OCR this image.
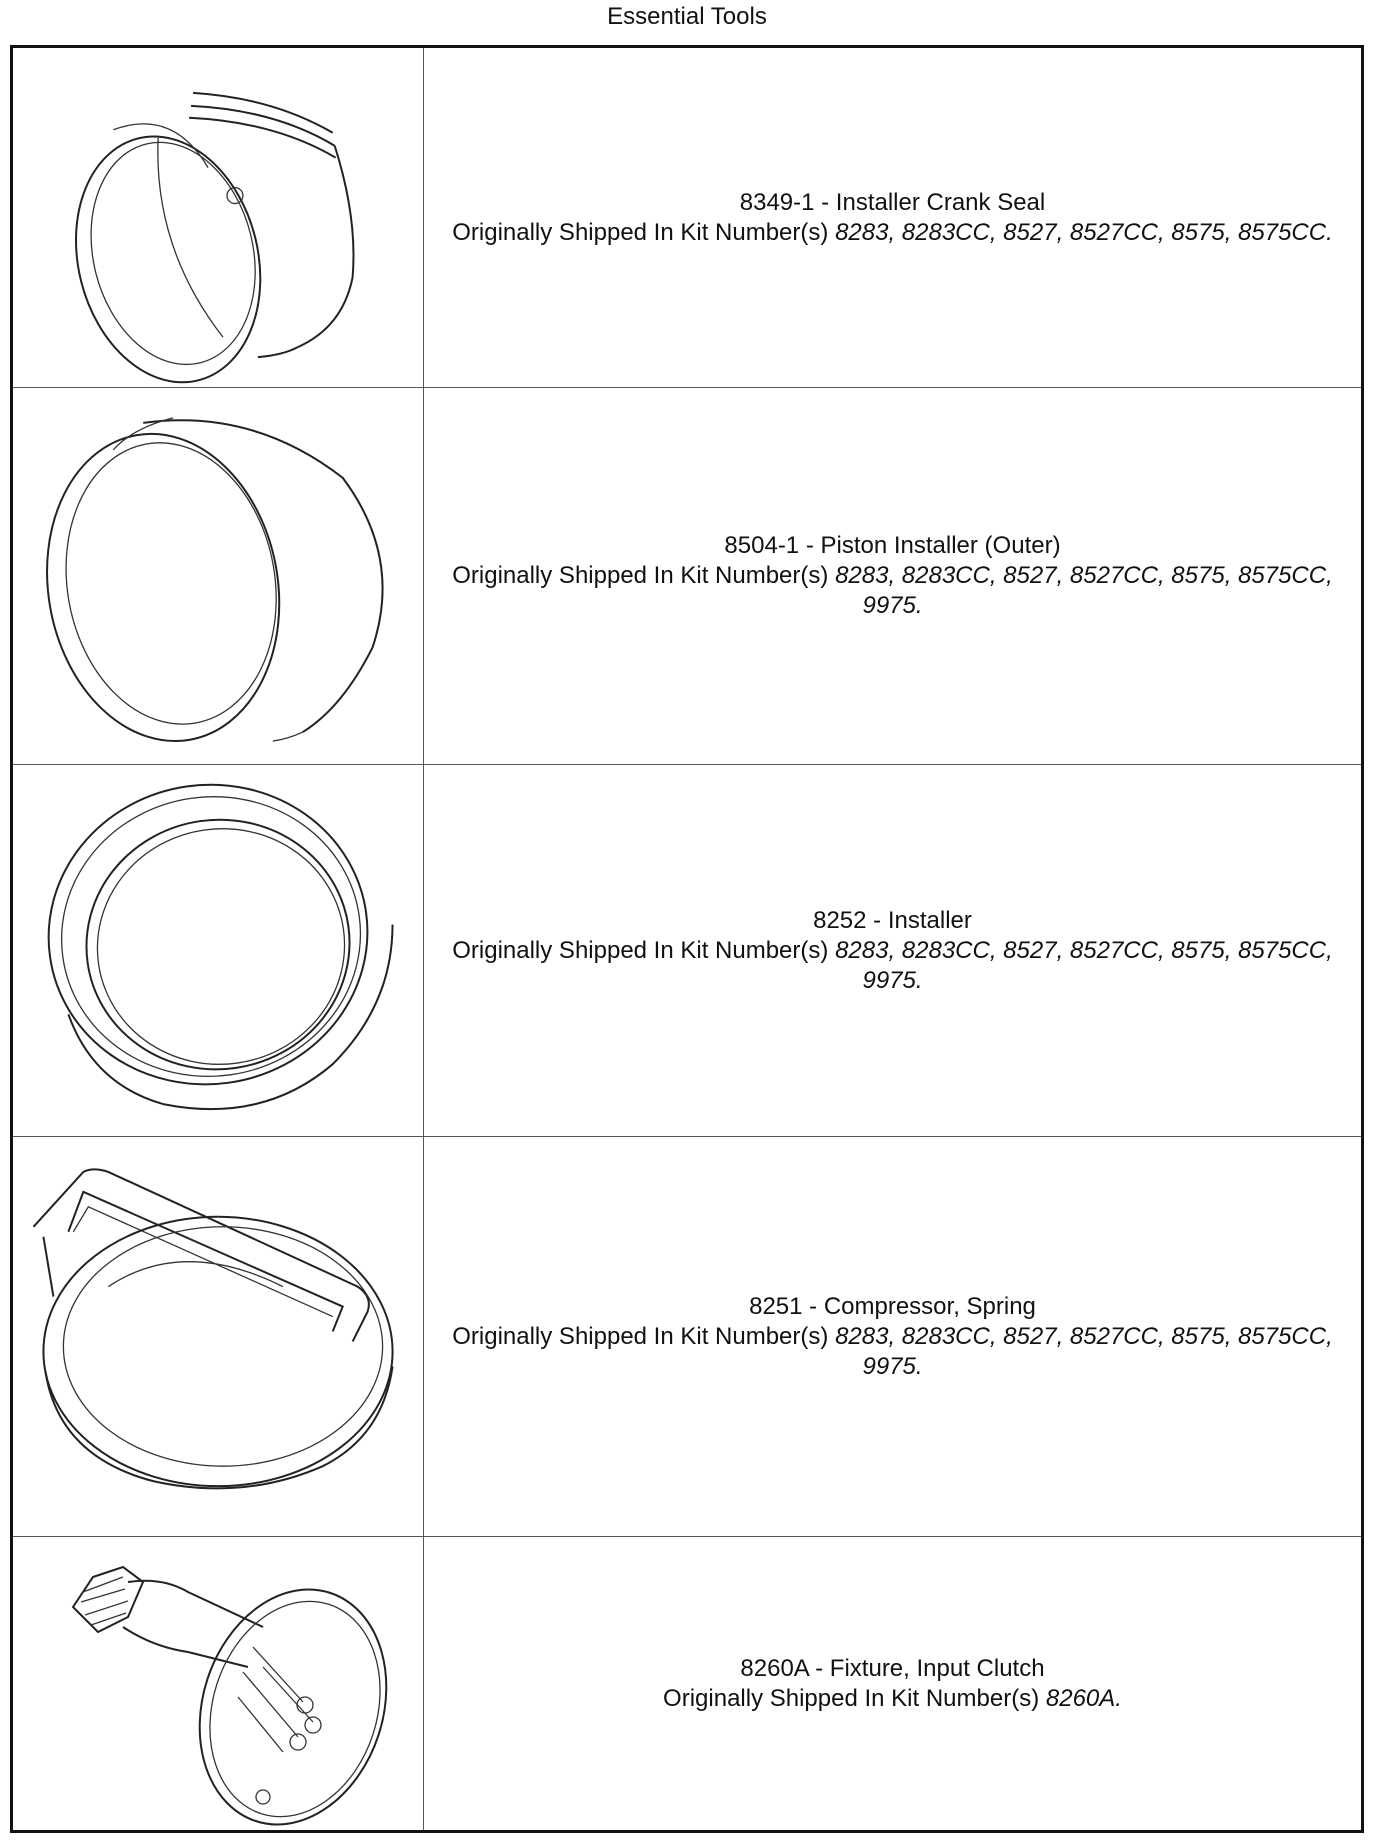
Essential Tools
8349-1 - Installer Crank Seal
Originally Shipped In Kit Number(s) 8283, 8283CC, 8527, 8527CC, 8575, 8575CC.
8504-1 - Piston Installer (Outer)
Originally Shipped In Kit Number(s) 8283, 8283CC, 8527, 8527CC, 8575, 8575CC, 9975.
8252 - Installer
Originally Shipped In Kit Number(s) 8283, 8283CC, 8527, 8527CC, 8575, 8575CC, 9975.
8251 - Compressor, Spring
Originally Shipped In Kit Number(s) 8283, 8283CC, 8527, 8527CC, 8575, 8575CC, 9975.
8260A - Fixture, Input Clutch
Originally Shipped In Kit Number(s) 8260A.
